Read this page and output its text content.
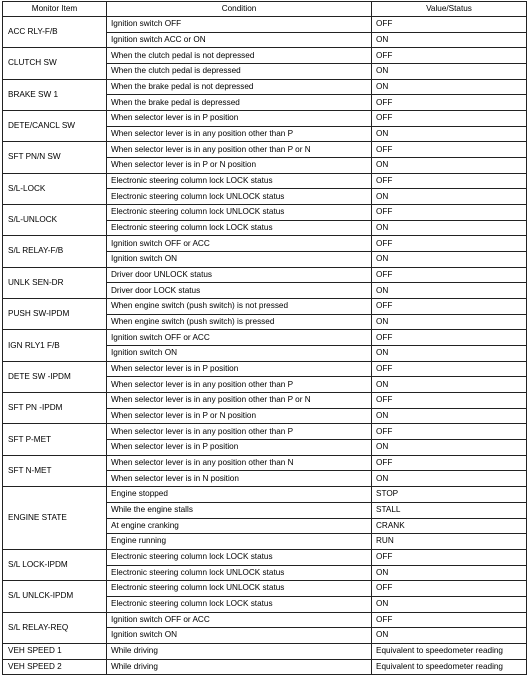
Monitor Item	Condition	Value/Status
ACC RLY-F/B	Ignition switch OFF	OFF
	Ignition switch ACC or ON	ON
CLUTCH SW	When the clutch pedal is not depressed	OFF
	When the clutch pedal is depressed	ON
BRAKE SW 1	When the brake pedal is not depressed	ON
	When the brake pedal is depressed	OFF
DETE/CANCL SW	When selector lever is in P position	OFF
	When selector lever is in any position other than P	ON
SFT PN/N SW	When selector lever is in any position other than P or N	OFF
	When selector lever is in P or N position	ON
S/L-LOCK	Electronic steering column lock LOCK status	OFF
	Electronic steering column lock UNLOCK status	ON
S/L-UNLOCK	Electronic steering column lock UNLOCK status	OFF
	Electronic steering column lock LOCK status	ON
S/L RELAY-F/B	Ignition switch OFF or ACC	OFF
	Ignition switch ON	ON
UNLK SEN-DR	Driver door UNLOCK status	OFF
	Driver door LOCK status	ON
PUSH SW-IPDM	When engine switch (push switch) is not pressed	OFF
	When engine switch (push switch) is pressed	ON
IGN RLY1 F/B	Ignition switch OFF or ACC	OFF
	Ignition switch ON	ON
DETE SW -IPDM	When selector lever is in P position	OFF
	When selector lever is in any position other than P	ON
SFT PN -IPDM	When selector lever is in any position other than P or N	OFF
	When selector lever is in P or N position	ON
SFT P-MET	When selector lever is in any position other than P	OFF
	When selector lever is in P position	ON
SFT N-MET	When selector lever is in any position other than N	OFF
	When selector lever is in N position	ON
ENGINE STATE	Engine stopped	STOP
	While the engine stalls	STALL
	At engine cranking	CRANK
	Engine running	RUN
S/L LOCK-IPDM	Electronic steering column lock LOCK status	OFF
	Electronic steering column lock UNLOCK status	ON
S/L UNLCK-IPDM	Electronic steering column lock UNLOCK status	OFF
	Electronic steering column lock LOCK status	ON
S/L RELAY-REQ	Ignition switch OFF or ACC	OFF
	Ignition switch ON	ON
VEH SPEED 1	While driving	Equivalent to speedometer reading
VEH SPEED 2	While driving	Equivalent to speedometer reading
